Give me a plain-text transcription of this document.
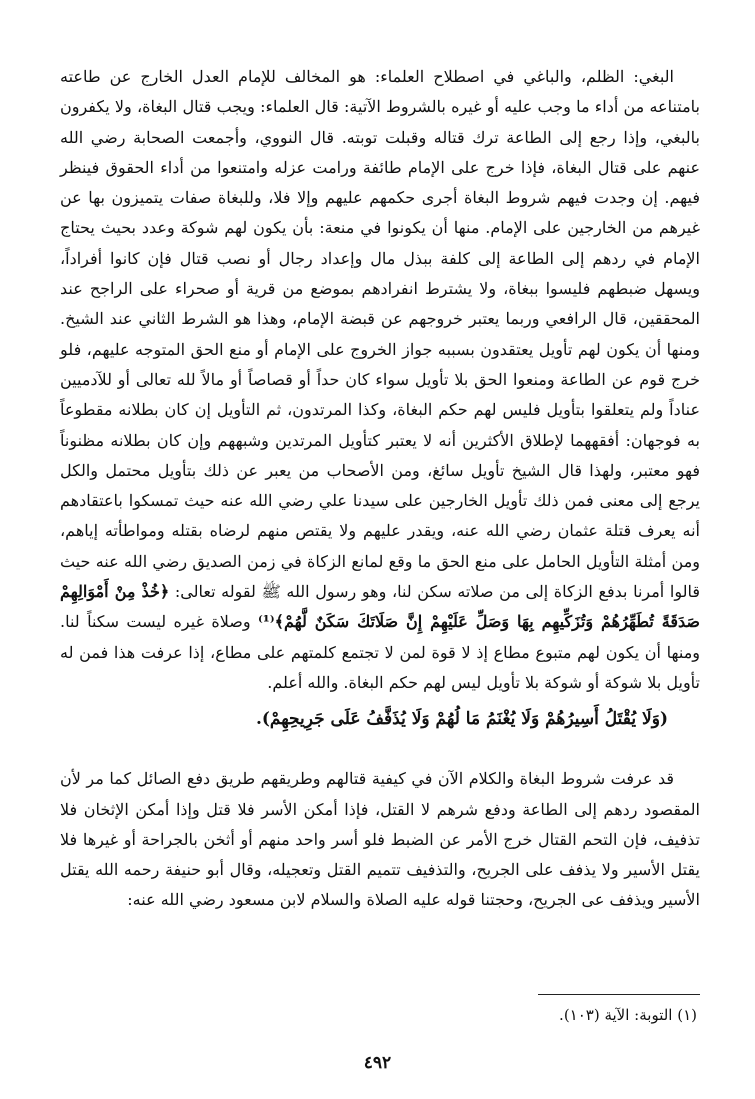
البغي: الظلم، والباغي في اصطلاح العلماء: هو المخالف للإمام العدل الخارج عن طاعته بامتناعه من أداء ما وجب عليه أو غيره بالشروط الآتية: قال العلماء: ويجب قتال البغاة، ولا يكفرون بالبغي، وإذا رجع إلى الطاعة ترك قتاله وقبلت توبته. قال النووي، وأجمعت الصحابة رضي الله عنهم على قتال البغاة، فإذا خرج على الإمام طائفة ورامت عزله وامتنعوا من أداء الحقوق فينظر فيهم. إن وجدت فيهم شروط البغاة أجرى حكمهم عليهم وإلا فلا، وللبغاة صفات يتميزون بها عن غيرهم من الخارجين على الإمام. منها أن يكونوا في منعة: بأن يكون لهم شوكة وعدد بحيث يحتاج الإمام في ردهم إلى الطاعة إلى كلفة ببذل مال وإعداد رجال أو نصب قتال فإن كانوا أفراداً، ويسهل ضبطهم فليسوا ببغاة، ولا يشترط انفرادهم بموضع من قرية أو صحراء على الراجح عند المحققين، قال الرافعي وربما يعتبر خروجهم عن قبضة الإمام، وهذا هو الشرط الثاني عند الشيخ. ومنها أن يكون لهم تأويل يعتقدون بسببه جواز الخروج على الإمام أو منع الحق المتوجه عليهم، فلو خرج قوم عن الطاعة ومنعوا الحق بلا تأويل سواء كان حداً أو قصاصاً أو مالاً لله تعالى أو للآدميين عناداً ولم يتعلقوا بتأويل فليس لهم حكم البغاة، وكذا المرتدون، ثم التأويل إن كان بطلانه مقطوعاً به فوجهان: أفقههما لإطلاق الأكثرين أنه لا يعتبر كتأويل المرتدين وشبههم وإن كان بطلانه مظنوناً فهو معتبر، ولهذا قال الشيخ تأويل سائغ، ومن الأصحاب من يعبر عن ذلك بتأويل محتمل والكل يرجع إلى معنى فمن ذلك تأويل الخارجين على سيدنا علي رضي الله عنه حيث تمسكوا باعتقادهم أنه يعرف قتلة عثمان رضي الله عنه، ويقدر عليهم ولا يقتص منهم لرضاه بقتله ومواطأته إياهم، ومن أمثلة التأويل الحامل على منع الحق ما وقع لمانع الزكاة في زمن الصديق رضي الله عنه حيث قالوا أمرنا بدفع الزكاة إلى من صلاته سكن لنا، وهو رسول الله ﷺ لقوله تعالى: ﴿خُذْ مِنْ أَمْوَالِهِمْ صَدَقَةً تُطَهِّرُهُمْ وَتُزَكِّيهِم بِهَا وَصَلِّ عَلَيْهِمْ إِنَّ صَلَاتَكَ سَكَنٌ لَّهُمْ﴾⁽¹⁾ وصلاة غيره ليست سكناً لنا. ومنها أن يكون لهم متبوع مطاع إذ لا قوة لمن لا تجتمع كلمتهم على مطاع، إذا عرفت هذا فمن له تأويل بلا شوكة أو شوكة بلا تأويل ليس لهم حكم البغاة. والله أعلم.

(وَلَا يُقْتَلُ أَسِيرُهُمْ وَلَا يُغْنَمُ مَا لُهُمْ وَلَا يُذَفَّفُ عَلَى جَرِيحِهِمْ).

قد عرفت شروط البغاة والكلام الآن في كيفية قتالهم وطريقهم طريق دفع الصائل كما مر لأن المقصود ردهم إلى الطاعة ودفع شرهم لا القتل، فإذا أمكن الأسر فلا قتل وإذا أمكن الإثخان فلا تذفيف، فإن التحم القتال خرج الأمر عن الضبط فلو أسر واحد منهم أو أثخن بالجراحة أو غيرها فلا يقتل الأسير ولا يذفف على الجريح، والتذفيف تتميم القتل وتعجيله، وقال أبو حنيفة رحمه الله يقتل الأسير ويذفف عى الجريح، وحجتنا قوله عليه الصلاة والسلام لابن مسعود رضي الله عنه:

(١) التوبة: الآية (١٠٣).
٤٩٢
